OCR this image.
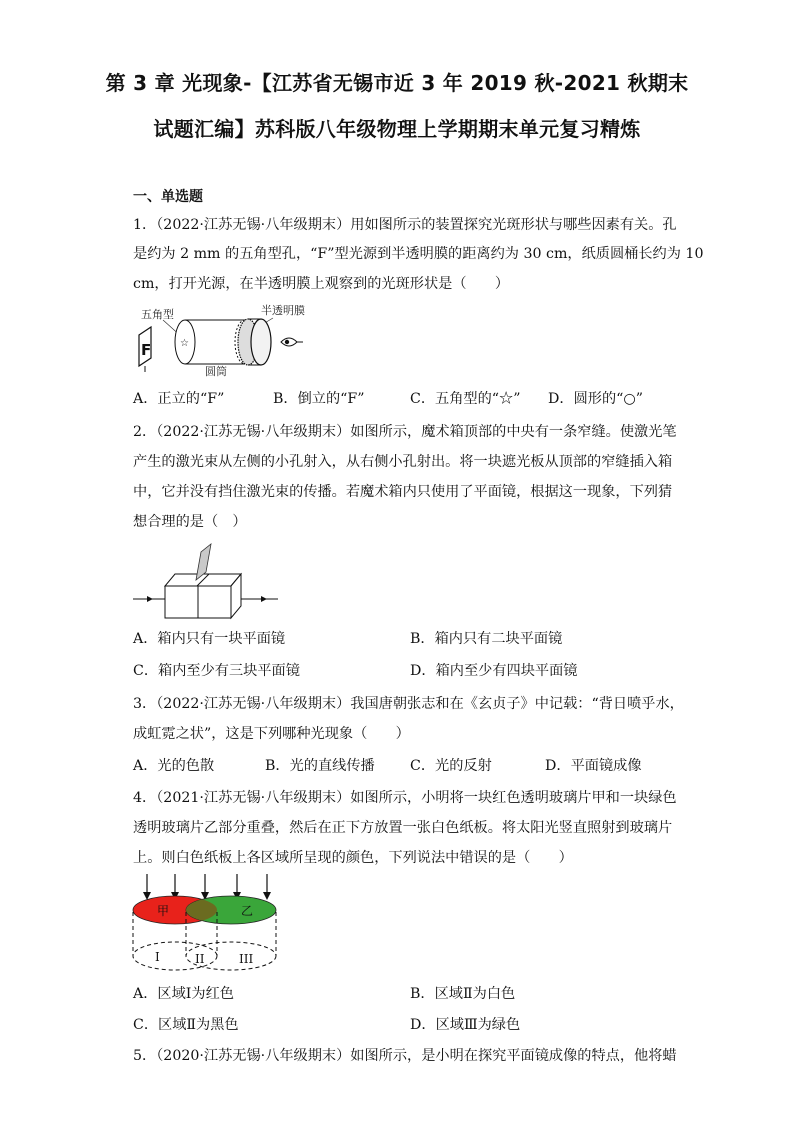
第 3 章 光现象-【江苏省无锡市近 3 年 2019 秋-2021 秋期末
试题汇编】苏科版八年级物理上学期期末单元复习精炼
一、单选题
1．（2022·江苏无锡·八年级期末）用如图所示的装置探究光斑形状与哪些因素有关。孔
是约为 2 mm 的五角型孔，“F”型光源到半透明膜的距离约为 30 cm，纸质圆桶长约为 10
cm，打开光源，在半透明膜上观察到的光斑形状是（　　）
五角型	半透明膜
圆筒
F	☆
A．正立的“F”	B．倒立的“F”	C．五角型的“☆” D．圆形的“○”
2．（2022·江苏无锡·八年级期末）如图所示，魔术箱顶部的中央有一条窄缝。使激光笔
产生的激光束从左侧的小孔射入，从右侧小孔射出。将一块遮光板从顶部的窄缝插入箱
中，它并没有挡住激光束的传播。若魔术箱内只使用了平面镜，根据这一现象，下列猜
想合理的是（　）
A．箱内只有一块平面镜	B．箱内只有二块平面镜
C．箱内至少有三块平面镜	D．箱内至少有四块平面镜
3．（2022·江苏无锡·八年级期末）我国唐朝张志和在《玄贞子》中记载：“背日喷乎水，
成虹霓之状”，这是下列哪种光现象（　　）
A．光的色散	B．光的直线传播 C．光的反射	D．平面镜成像
4．（2021·江苏无锡·八年级期末）如图所示，小明将一块红色透明玻璃片甲和一块绿色
透明玻璃片乙部分重叠，然后在正下方放置一张白色纸板。将太阳光竖直照射到玻璃片
上。则白色纸板上各区域所呈现的颜色，下列说法中错误的是（　　）
甲	乙
I	II	III
A．区域Ⅰ为红色	B．区域Ⅱ为白色
C．区域Ⅱ为黑色	D．区域Ⅲ为绿色
5．（2020·江苏无锡·八年级期末）如图所示，是小明在探究平面镜成像的特点，他将蜡
